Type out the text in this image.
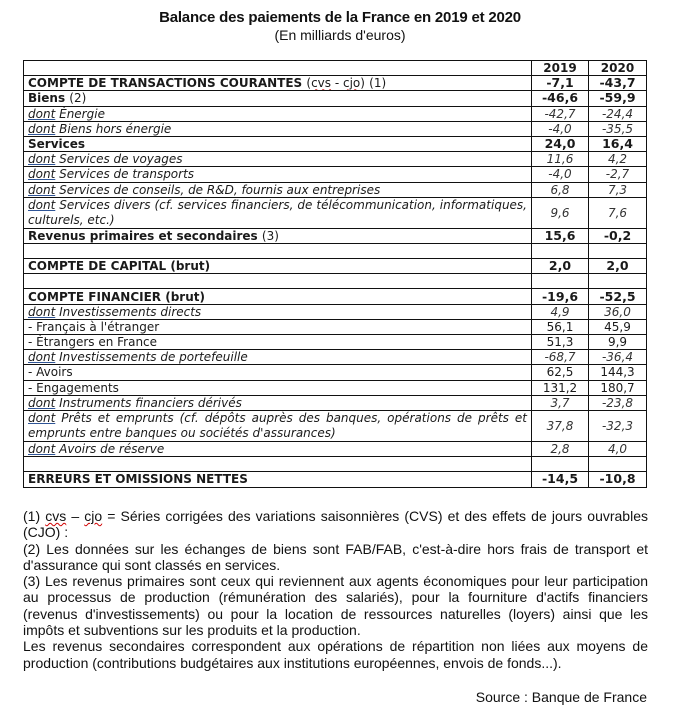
Balance des paiements de la France en 2019 et 2020
(En milliards d'euros)
	2019	2020
COMPTE DE TRANSACTIONS COURANTES (cvs - cjo) (1)	-7,1	-43,7
Biens (2)	-46,6	-59,9
dont Énergie	-42,7	-24,4
dont Biens hors énergie	-4,0	-35,5
Services	24,0	16,4
dont Services de voyages	11,6	4,2
dont Services de transports	-4,0	-2,7
dont Services de conseils, de R&D, fournis aux entreprises	6,8	7,3
dont Services divers (cf. services financiers, de télécommunication, informatiques, culturels, etc.)	9,6	7,6
Revenus primaires et secondaires (3)	15,6	-0,2

COMPTE DE CAPITAL (brut)	2,0	2,0

COMPTE FINANCIER (brut)	-19,6	-52,5
dont Investissements directs	4,9	36,0
- Français à l'étranger	56,1	45,9
- Étrangers en France	51,3	9,9
dont Investissements de portefeuille	-68,7	-36,4
- Avoirs	62,5	144,3
- Engagements	131,2	180,7
dont Instruments financiers dérivés	3,7	-23,8
dont Prêts et emprunts (cf. dépôts auprès des banques, opérations de prêts et emprunts entre banques ou sociétés d'assurances)	37,8	-32,3
dont Avoirs de réserve	2,8	4,0

ERREURS ET OMISSIONS NETTES	-14,5	-10,8

(1) cvs – cjo = Séries corrigées des variations saisonnières (CVS) et des effets de jours ouvrables (CJO) :

(2) Les données sur les échanges de biens sont FAB/FAB, c'est-à-dire hors frais de transport et d'assurance qui sont classés en services.

(3) Les revenus primaires sont ceux qui reviennent aux agents économiques pour leur participation au processus de production (rémunération des salariés), pour la fourniture d'actifs financiers (revenus d'investissements) ou pour la location de ressources naturelles (loyers) ainsi que les impôts et subventions sur les produits et la production.

Les revenus secondaires correspondent aux opérations de répartition non liées aux moyens de production (contributions budgétaires aux institutions européennes, envois de fonds...).

Source : Banque de France
